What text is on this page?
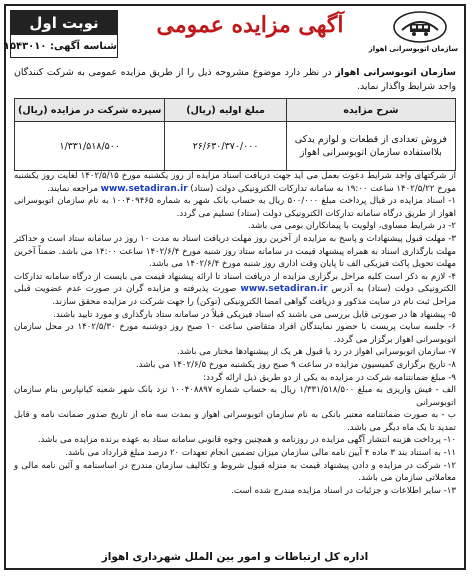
سازمان اتوبوسرانی اهواز
آگهی مزایده عمومی
نوبت اول
شناسه آگهی: ۱۵۴۳۰۱۰
سازمان اتوبوسرانی اهواز در نظر دارد موضوع مشروحه ذیل را از طریق مزایده عمومی به شرکت کنندگان واجد شرایط واگذار نماید.
شرح مزایده	مبلغ اولیه (ریال)	سپرده شرکت در مزایده (ریال)
فروش تعدادی از قطعات و لوازم یدکی بلااستفاده سازمان اتوبوسرانی اهواز	۲۶/۶۳۰/۳۷۰/۰۰۰	۱/۳۳۱/۵۱۸/۵۰۰

از شرکتهای واجد شرایط دعوت بعمل می آید جهت دریافت اسناد مزایده از روز یکشنبه مورخ ۱۴۰۲/۵/۱۵ لغایت روز یکشنبه مورخ ۱۴۰۲/۵/۲۲ ساعت ۱۹:۰۰ به سامانه تدارکات الکترونیکی دولت (ستاد) www.setadiran.ir مراجعه نمایند.

۱- اسناد مزایده در قبال پرداخت مبلغ ۵۰۰/۰۰۰ ریال به حساب بانک شهر به شماره ۱۰۰۴۰۹۴۶۵ به نام سازمان اتوبوسرانی اهواز از طریق درگاه سامانه تدارکات الکترونیکی دولت (ستاد) تسلیم می گردد.

۲- در شرایط مساوی، اولویت با پیمانکاران بومی می باشد.

۳- مهلت قبول پیشنهادات و پاسخ به مزایده از آخرین روز مهلت دریافت اسناد به مدت ۱۰ روز در سامانه ستاد است و حداکثر مهلت بارگذاری اسناد به همراه پیشنهاد قیمت در سامانه ستاد روز شنبه مورخ ۱۴۰۲/۶/۴ ساعت ۱۴:۰۰ می باشد. ضمناً آخرین مهلت تحویل پاکت فیزیکی الف تا پایان وقت اداری روز شنبه مورخ ۱۴۰۲/۶/۴ می باشد.

۴- لازم به ذکر است کلیه مراحل برگزاری مزایده از دریافت اسناد تا ارائه پیشنهاد قیمت می بایست از درگاه سامانه تدارکات الکترونیکی دولت (ستاد) به آدرس www.setadiran.ir صورت پذیرفته و مزایده گران در صورت عدم عضویت قبلی مراحل ثبت نام در سایت مذکور و دریافت گواهی امضا الکترونیکی (توکن) را جهت شرکت در مزایده محقق سازند.

۵- پیشنهاد ها در صورتی قابل بررسی می باشند که اسناد فیزیکی قبلاً در سامانه ستاد بارگذاری و مورد تایید باشند.

۶- جلسه سایت پریست با حضور نمایندگان افراد متقاضی ساعت ۱۰ صبح روز دوشنبه مورخ ۱۴۰۲/۵/۳۰ در محل سازمان اتوبوسرانی اهواز برگزار می گردد.

۷- سازمان اتوبوسرانی اهواز در رد یا قبول هر یک از پیشنهادها مختار می باشد.

۸- تاریخ برگزاری کمیسیون مزایده در ساعت ۹ صبح روز یکشنبه مورخ ۱۴۰۲/۶/۵ می باشد.

۹- مبلغ ضمانتنامه شرکت در مزایده به یکی از دو طریق ذیل ارائه گردد:

الف - فیش واریزی به مبلغ ۱/۳۳۱/۵۱۸/۵۰۰ ریال به حساب شماره ۱۰۰۴۰۸۸۹۷ نزد بانک شهر شعبه کیانپارس بنام سازمان اتوبوسرانی

ب - به صورت ضمانتنامه معتبر بانکی به نام سازمان اتوبوسرانی اهواز و بمدت سه ماه از تاریخ صدور ضمانت نامه و قابل تمدید تا یک ماه دیگر می باشد.

۱۰- پرداخت هزینه انتشار آگهی مزایده در روزنامه و همچنین وجوه قانونی سامانه ستاد به عهده برنده مزایده می باشد.

۱۱- به استناد بند ۳ ماده ۴ آیین نامه مالی سازمان میزان تضمین انجام تعهدات ۲۰ درصد مبلغ قرارداد می باشد.

۱۲- شرکت در مزایده و دادن پیشنهاد قیمت به منزله قبول شروط و تکالیف سازمان مندرج در اساسنامه و آئین نامه مالی و معاملاتی سازمان می باشد.

۱۳- سایر اطلاعات و جزئیات در اسناد مزایده مندرج شده است.

اداره کل ارتباطات و امور بین الملل شهرداری اهواز
